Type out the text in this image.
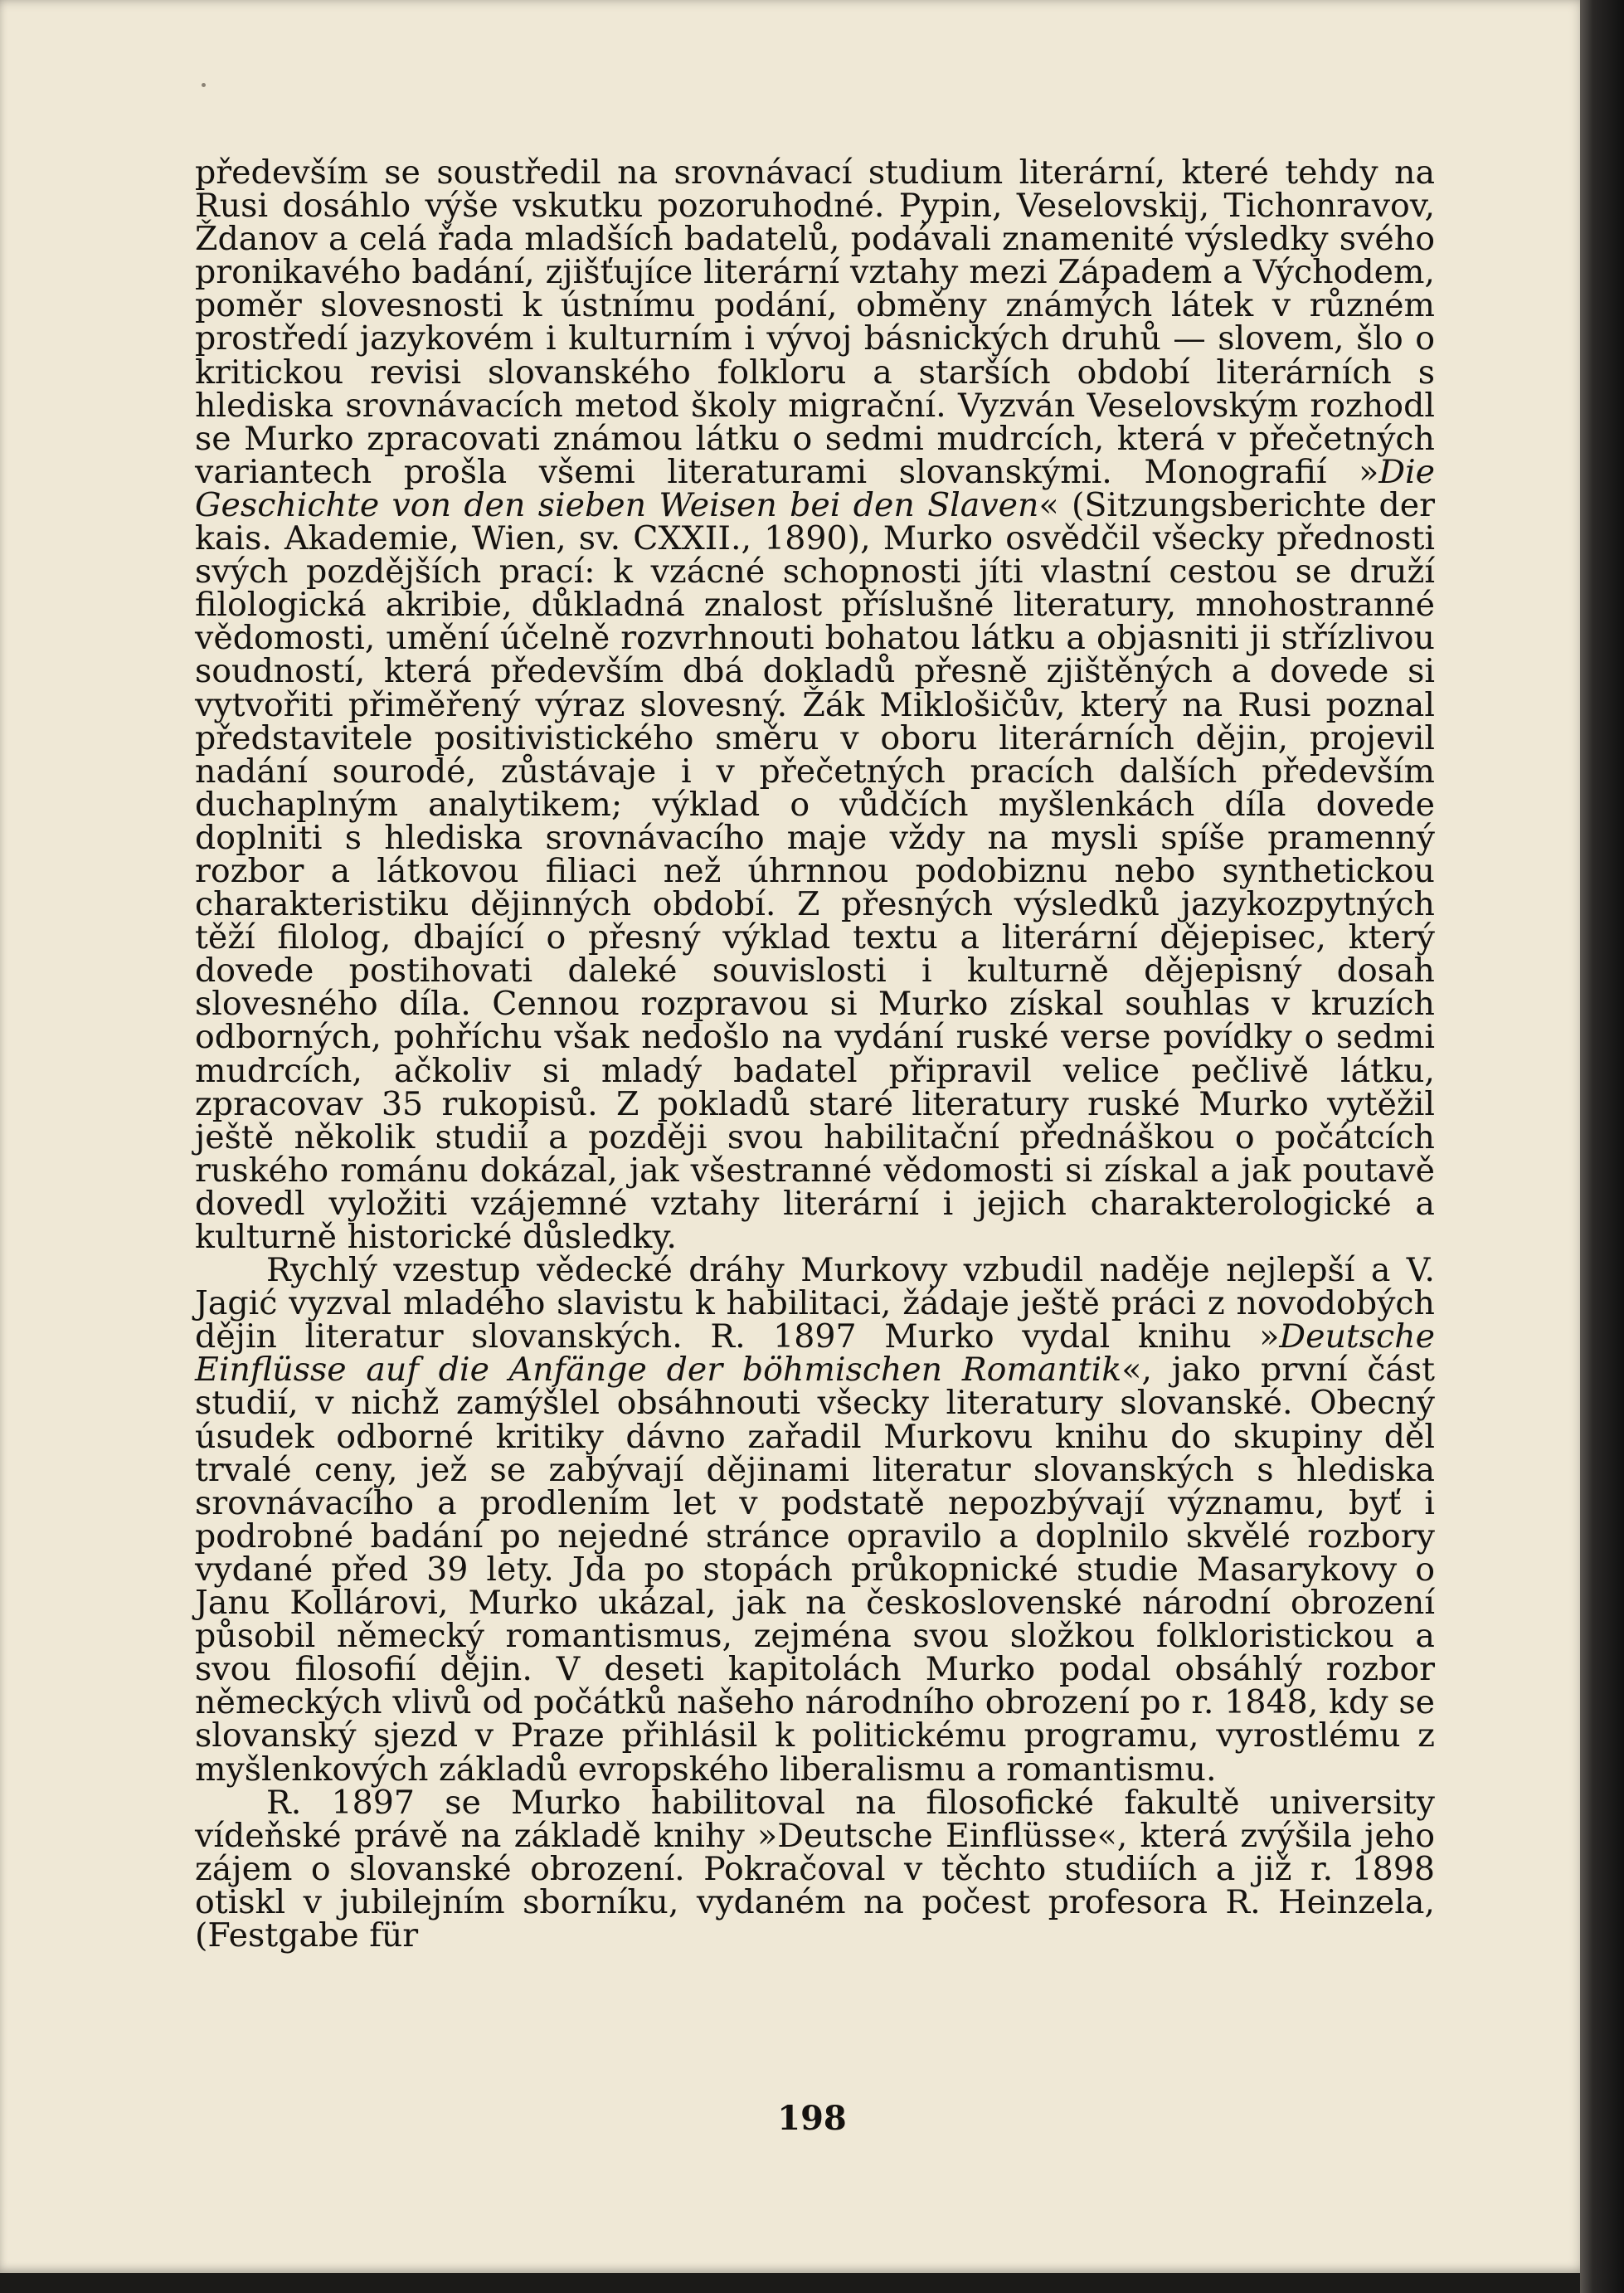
především se soustředil na srovnávací studium literární, které tehdy na Rusi dosáhlo výše vskutku pozoruhodné. Pypin, Veselovskij, Tichonravov, Ždanov a celá řada mladších badatelů, podávali znamenité výsledky svého pronikavého badání, zjišťujíce literární vztahy mezi Západem a Východem, poměr slovesnosti k ústnímu podání, obměny známých látek v různém prostředí jazykovém i kulturním i vývoj básnických druhů — slovem, šlo o kritickou revisi slovanského folkloru a starších období literárních s hlediska srovnávacích metod školy migrační. Vyzván Veselovským rozhodl se Murko zpracovati známou látku o sedmi mudrcích, která v přečetných variantech prošla všemi literaturami slovanskými. Monografií »Die Geschichte von den sieben Weisen bei den Slaven« (Sitzungsberichte der kais. Akademie, Wien, sv. CXXII., 1890), Murko osvědčil všecky přednosti svých pozdějších prací: k vzácné schopnosti jíti vlastní cestou se druží filologická akribie, důkladná znalost příslušné literatury, mnohostranné vědomosti, umění účelně rozvrhnouti bohatou látku a objasniti ji střízlivou soudností, která především dbá dokladů přesně zjištěných a dovede si vytvořiti přiměřený výraz slovesný. Žák Miklošičův, který na Rusi poznal představitele positivistického směru v oboru literárních dějin, projevil nadání sourodé, zůstávaje i v přečetných pracích dalších především duchaplným analytikem; výklad o vůdčích myšlenkách díla dovede doplniti s hlediska srovnávacího maje vždy na mysli spíše pramenný rozbor a látkovou filiaci než úhrnnou podobiznu nebo synthetickou charakteristiku dějinných období. Z přesných výsledků jazykozpytných těží filolog, dbající o přesný výklad textu a literární dějepisec, který dovede postihovati daleké souvislosti i kulturně dějepisný dosah slovesného díla. Cennou rozpravou si Murko získal souhlas v kruzích odborných, pohříchu však nedošlo na vydání ruské verse povídky o sedmi mudrcích, ačkoliv si mladý badatel připravil velice pečlivě látku, zpracovav 35 rukopisů. Z pokladů staré literatury ruské Murko vytěžil ještě několik studií a později svou habilitační přednáškou o počátcích ruského románu dokázal, jak všestranné vědomosti si získal a jak poutavě dovedl vyložiti vzájemné vztahy literární i jejich charakterologické a kulturně historické důsledky.

Rychlý vzestup vědecké dráhy Murkovy vzbudil naděje nejlepší a V. Jagić vyzval mladého slavistu k habilitaci, žádaje ještě práci z novodobých dějin literatur slovanských. R. 1897 Murko vydal knihu »Deutsche Einflüsse auf die Anfänge der böhmischen Romantik«, jako první část studií, v nichž zamýšlel obsáhnouti všecky literatury slovanské. Obecný úsudek odborné kritiky dávno zařadil Murkovu knihu do skupiny děl trvalé ceny, jež se zabývají dějinami literatur slovanských s hlediska srovnávacího a prodlením let v podstatě nepozbývají významu, byť i podrobné badání po nejedné stránce opravilo a doplnilo skvělé rozbory vydané před 39 lety. Jda po stopách průkopnické studie Masarykovy o Janu Kollárovi, Murko ukázal, jak na československé národní obrození působil německý romantismus, zejména svou složkou folkloristickou a svou filosofií dějin. V deseti kapitolách Murko podal obsáhlý rozbor německých vlivů od počátků našeho národního obrození po r. 1848, kdy se slovanský sjezd v Praze přihlásil k politickému programu, vyrostlému z myšlenkových základů evropského liberalismu a romantismu.

R. 1897 se Murko habilitoval na filosofické fakultě university vídeňské právě na základě knihy »Deutsche Einflüsse«, která zvýšila jeho zájem o slovanské obrození. Pokračoval v těchto studiích a již r. 1898 otiskl v jubilejním sborníku, vydaném na počest profesora R. Heinzela, (Festgabe für

198
